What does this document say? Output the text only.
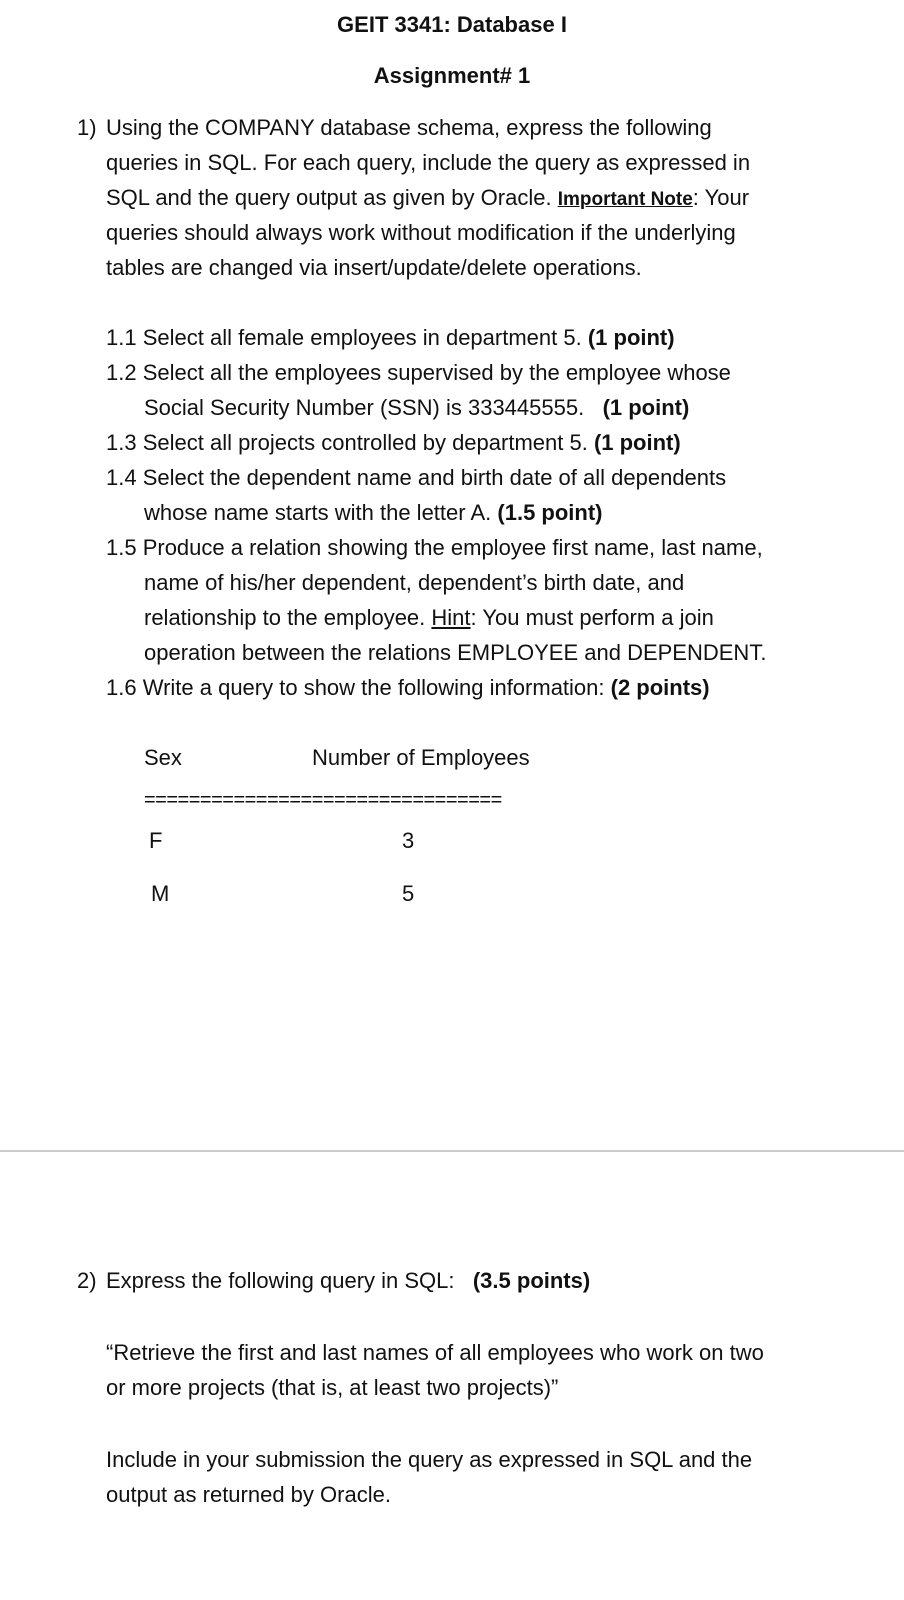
GEIT 3341: Database I
Assignment# 1
1) Using the COMPANY database schema, express the following
queries in SQL. For each query, include the query as expressed in
SQL and the query output as given by Oracle. Important Note: Your
queries should always work without modification if the underlying
tables are changed via insert/update/delete operations.
1.1 Select all female employees in department 5. (1 point)
1.2 Select all the employees supervised by the employee whose
Social Security Number (SSN) is 333445555.   (1 point)
1.3 Select all projects controlled by department 5. (1 point)
1.4 Select the dependent name and birth date of all dependents
whose name starts with the letter A. (1.5 point)
1.5 Produce a relation showing the employee first name, last name,
name of his/her dependent, dependent’s birth date, and
relationship to the employee. Hint: You must perform a join
operation between the relations EMPLOYEE and DEPENDENT.
1.6 Write a query to show the following information: (2 points)
Sex	Number of Employees
================================
F	3
M	5
2) Express the following query in SQL:   (3.5 points)
“Retrieve the first and last names of all employees who work on two
or more projects (that is, at least two projects)”
Include in your submission the query as expressed in SQL and the
output as returned by Oracle.
